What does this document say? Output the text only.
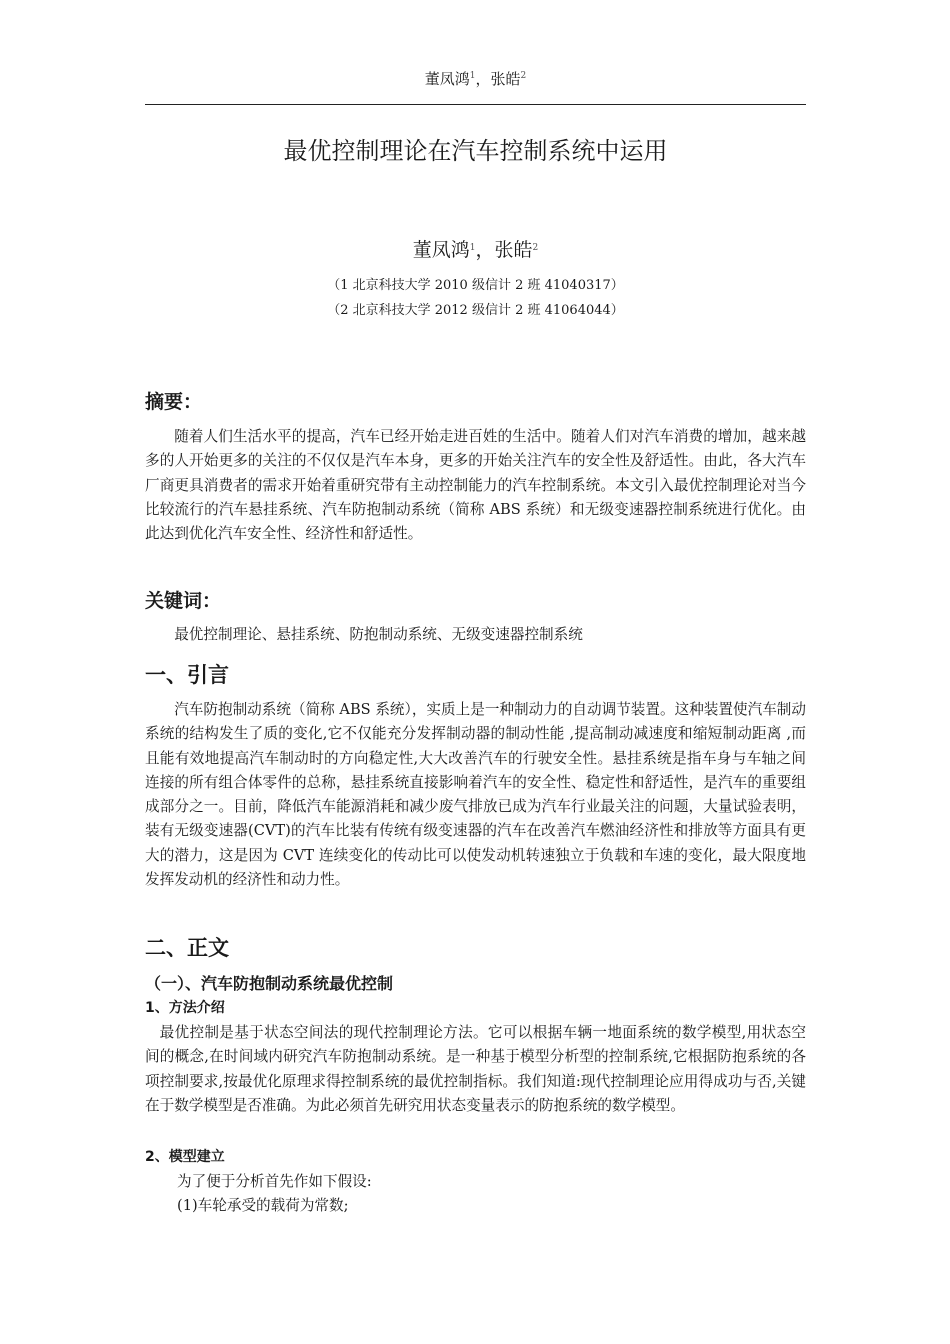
董凤鸿$^1$，张皓$^2$
最优控制理论在汽车控制系统中运用
董凤鸿$^1$，张皓$^2$
（1 北京科技大学 2010 级信计 2 班 41040317）
（2 北京科技大学 2012 级信计 2 班 41064044）
摘要：

随着人们生活水平的提高，汽车已经开始走进百姓的生活中。随着人们对汽车消费的增加，越来越多的人开始更多的关注的不仅仅是汽车本身，更多的开始关注汽车的安全性及舒适性。由此，各大汽车厂商更具消费者的需求开始着重研究带有主动控制能力的汽车控制系统。本文引入最优控制理论对当今比较流行的汽车悬挂系统、汽车防抱制动系统（简称 ABS 系统）和无级变速器控制系统进行优化。由此达到优化汽车安全性、经济性和舒适性。

关键词：

最优控制理论、悬挂系统、防抱制动系统、无级变速器控制系统

一、引言

汽车防抱制动系统（简称 ABS 系统），实质上是一种制动力的自动调节装置。这种装置使汽车制动系统的结构发生了质的变化,它不仅能充分发挥制动器的制动性能 ,提高制动减速度和缩短制动距离 ,而且能有效地提高汽车制动时的方向稳定性,大大改善汽车的行驶安全性。悬挂系统是指车身与车轴之间连接的所有组合体零件的总称，悬挂系统直接影响着汽车的安全性、稳定性和舒适性，是汽车的重要组成部分之一。目前，降低汽车能源消耗和减少废气排放已成为汽车行业最关注的问题，大量试验表明，装有无级变速器(CVT)的汽车比装有传统有级变速器的汽车在改善汽车燃油经济性和排放等方面具有更大的潜力，这是因为 CVT 连续变化的传动比可以使发动机转速独立于负载和车速的变化，最大限度地发挥发动机的经济性和动力性。

二、正文
（一）、汽车防抱制动系统最优控制
1、方法介绍

最优控制是基于状态空间法的现代控制理论方法。它可以根据车辆一地面系统的数学模型,用状态空间的概念,在时间域内研究汽车防抱制动系统。是一种基于模型分析型的控制系统,它根据防抱系统的各项控制要求,按最优化原理求得控制系统的最优控制指标。我们知道:现代控制理论应用得成功与否,关键在于数学模型是否准确。为此必须首先研究用状态变量表示的防抱系统的数学模型。

2、模型建立

为了便于分析首先作如下假设:

(1)车轮承受的载荷为常数;
